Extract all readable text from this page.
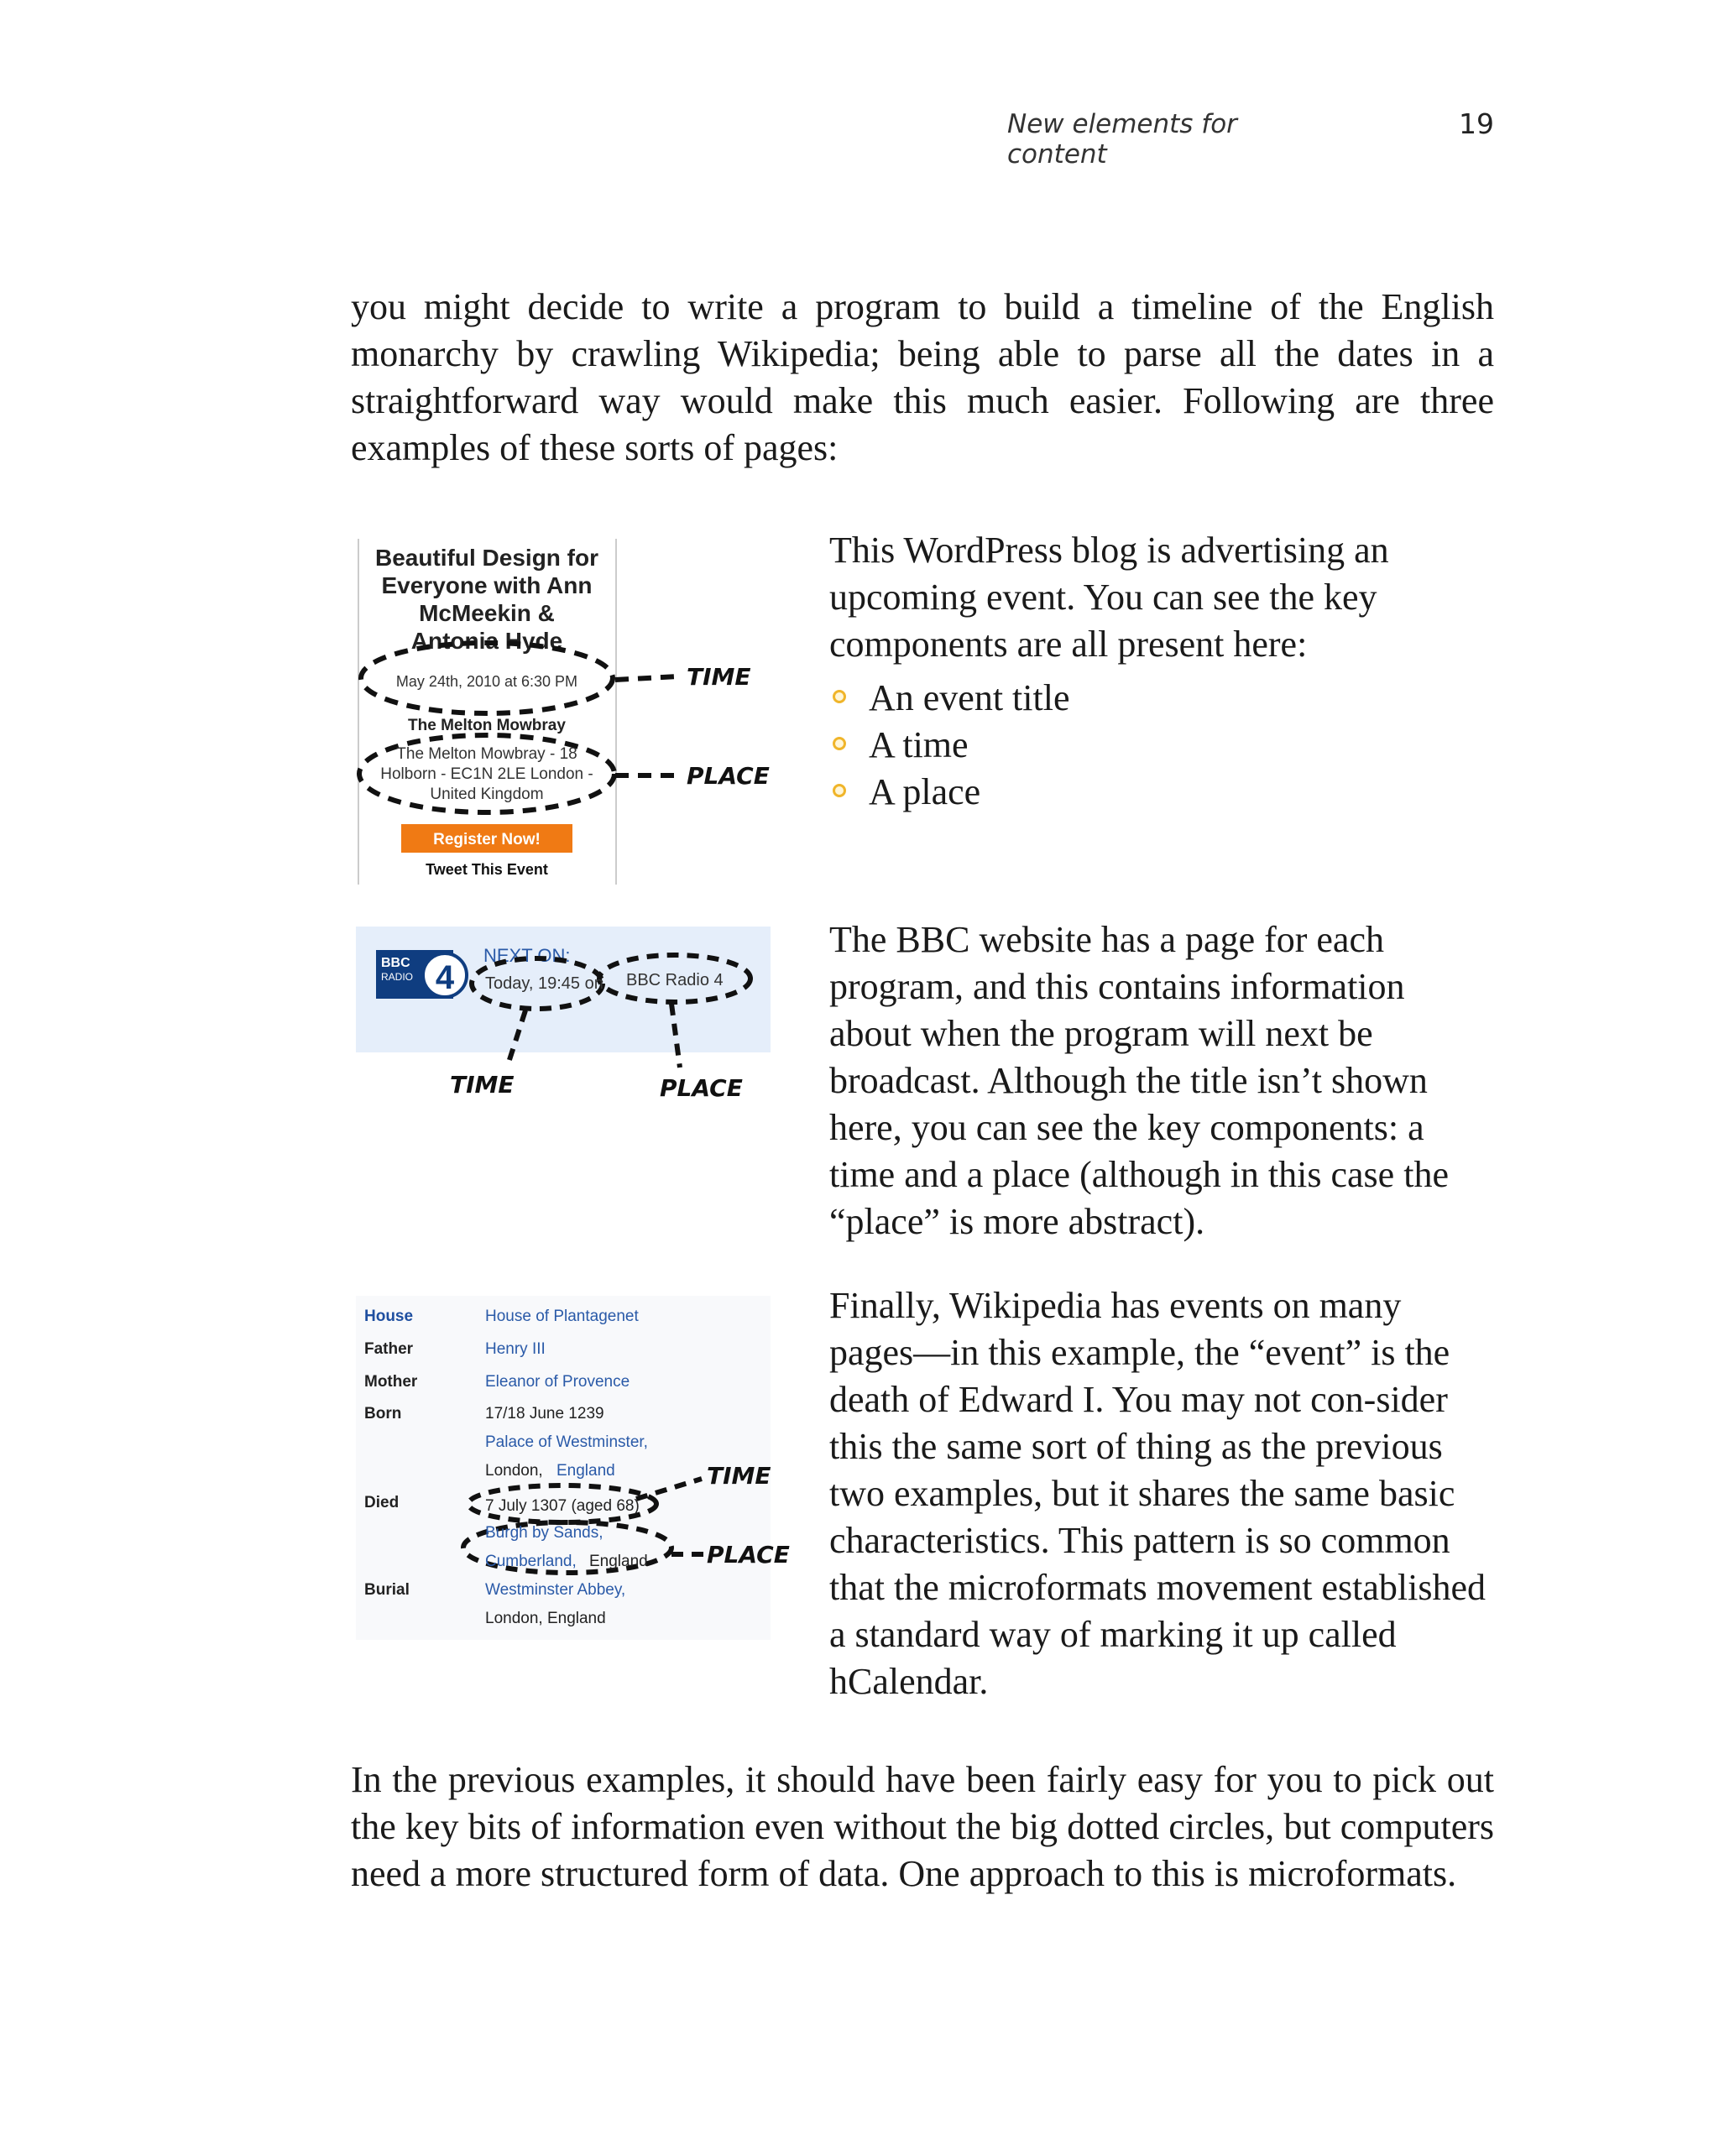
New elements for content
19

you might decide to write a program to build a timeline of the English monarchy by crawling Wikipedia; being able to parse all the dates in a straightforward way would make this much easier. Following are three examples of these sorts of pages:

Beautiful Design for
Everyone with Ann
McMeekin &
Antonia Hyde
May 24th, 2010 at 6:30 PM	TIME
The Melton Mowbray
The Melton Mowbray - 18
Holborn - EC1N 2LE London -
United Kingdom
PLACE
Register Now!
Tweet This Event

This WordPress blog is advertising an upcoming event. You can see the key components are all present here:

An event title
A time
A place
BBC
RADIO 4
NEXT ON:
Today, 19:45 on BBC Radio 4
TIME	PLACE

The BBC website has a page for each program, and this contains information about when the program will next be broadcast. Although the title isn’t shown here, you can see the key components: a time and a place (although in this case the “place” is more abstract).

House	House of Plantagenet
Father	Henry III
Mother	Eleanor of Provence
Born	17/18 June 1239
Palace of Westminster,
London, England	TIME
Died	7 July 1307 (aged 68)
Burgh by Sands,
Cumberland, England	PLACE
Burial	Westminster Abbey,
London, England

Finally, Wikipedia has events on many pages—in this example, the “event” is the death of Edward I. You may not con-sider this the same sort of thing as the previous two examples, but it shares the same basic characteristics. This pattern is so common that the microformats movement established a standard way of marking it up called hCalendar.

In the previous examples, it should have been fairly easy for you to pick out the key bits of information even without the big dotted circles, but computers need a more structured form of data. One approach to this is microformats.
